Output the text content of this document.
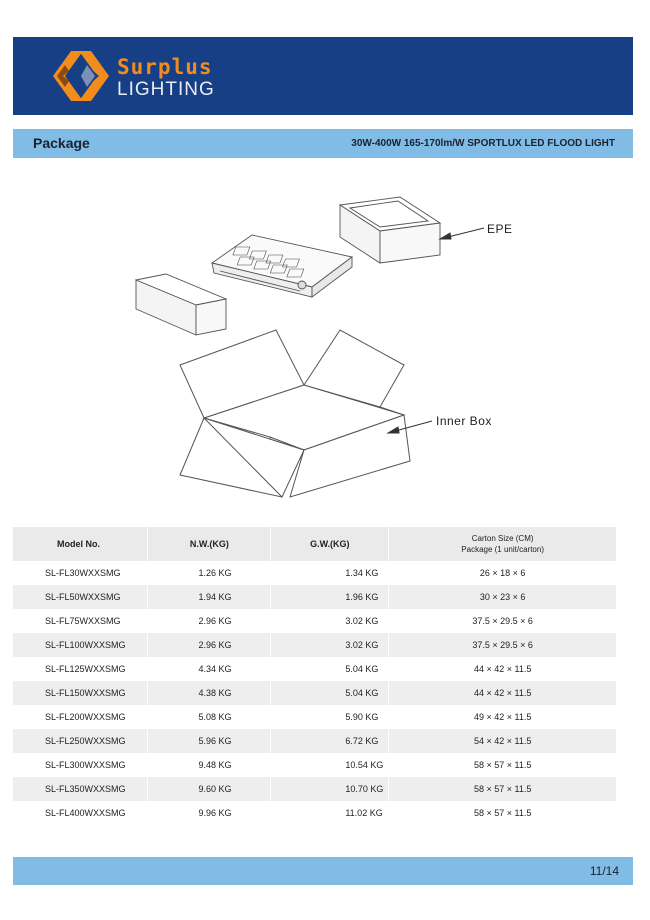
Surplus
LIGHTING
Package	30W-400W 165-170lm/W SPORTLUX LED FLOOD LIGHT
EPE
Inner Box
Model No.	N.W.(KG)	G.W.(KG)	Carton Size (CM)
Package (1 unit/carton)

SL-FL30WXXSMG	1.26 KG	1.34 KG	26 × 18 × 6
SL-FL50WXXSMG	1.94 KG	1.96 KG	30 × 23 × 6
SL-FL75WXXSMG	2.96 KG	3.02 KG	37.5 × 29.5 × 6
SL-FL100WXXSMG	2.96 KG	3.02 KG	37.5 × 29.5 × 6
SL-FL125WXXSMG	4.34 KG	5.04 KG	44 × 42 × 11.5
SL-FL150WXXSMG	4.38 KG	5.04 KG	44 × 42 × 11.5
SL-FL200WXXSMG	5.08 KG	5.90 KG	49 × 42 × 11.5
SL-FL250WXXSMG	5.96 KG	6.72 KG	54 × 42 × 11.5
SL-FL300WXXSMG	9.48 KG	10.54 KG	58 × 57 × 11.5
SL-FL350WXXSMG	9.60 KG	10.70 KG	58 × 57 × 11.5
SL-FL400WXXSMG	9.96 KG	11.02 KG	58 × 57 × 11.5
11/14
